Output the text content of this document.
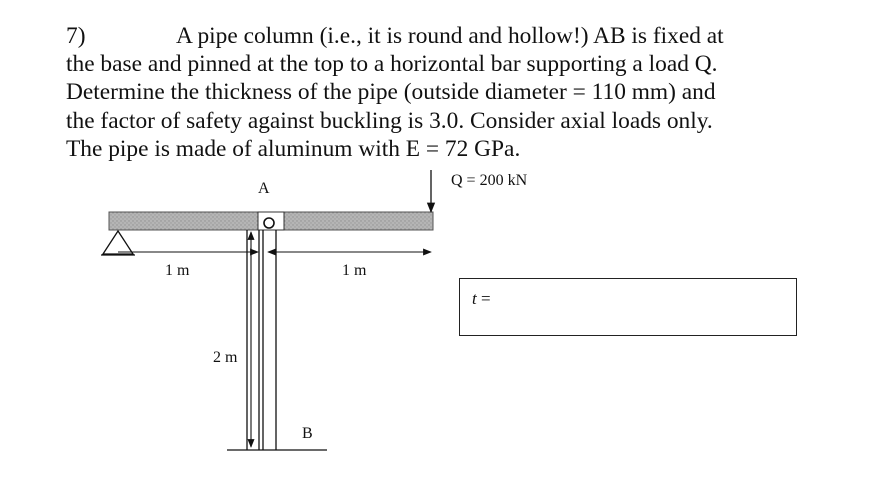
7)	A pipe column (i.e., it is round and hollow!) AB is fixed at
the base and pinned at the top to a horizontal bar supporting a load Q.
Determine the thickness of the pipe (outside diameter = 110 mm) and
the factor of safety against buckling is 3.0. Consider axial loads only.
The pipe is made of aluminum with E = 72 GPa.
A
B
Q = 200 kN
1 m	1 m
2 m
t =
